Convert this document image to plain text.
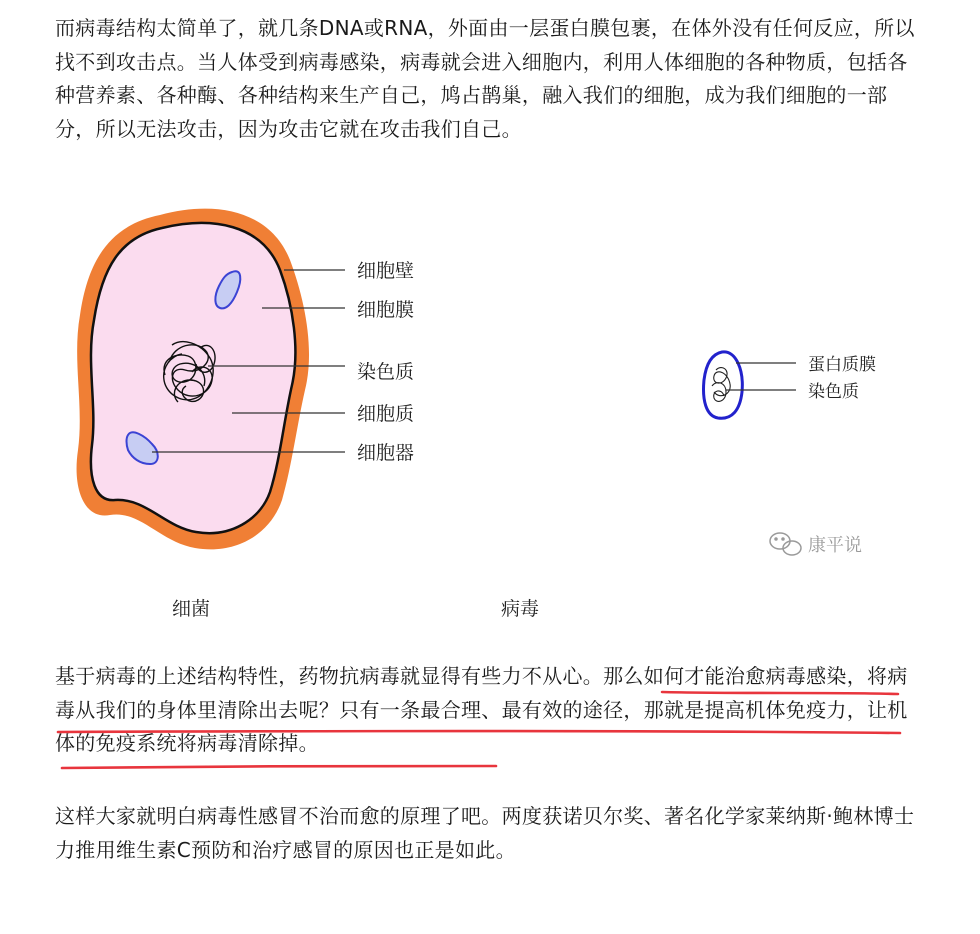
而病毒结构太简单了，就几条DNA或RNA，外面由一层蛋白膜包裹，在体外没有任何反应，所以找不到攻击点。当人体受到病毒感染，病毒就会进入细胞内，利用人体细胞的各种物质，包括各种营养素、各种酶、各种结构来生产自己，鸠占鹊巢，融入我们的细胞，成为我们细胞的一部分，所以无法攻击，因为攻击它就在攻击我们自己。

细胞壁
细胞膜
染色质
细胞质
细胞器
细菌
蛋白质膜
染色质
病毒
康平说

基于病毒的上述结构特性，药物抗病毒就显得有些力不从心。那么如何才能治愈病毒感染，将病毒从我们的身体里清除出去呢？只有一条最合理、最有效的途径，那就是提高机体免疫力，让机体的免疫系统将病毒清除掉。

这样大家就明白病毒性感冒不治而愈的原理了吧。两度获诺贝尔奖、著名化学家莱纳斯·鲍林博士力推用维生素C预防和治疗感冒的原因也正是如此。
